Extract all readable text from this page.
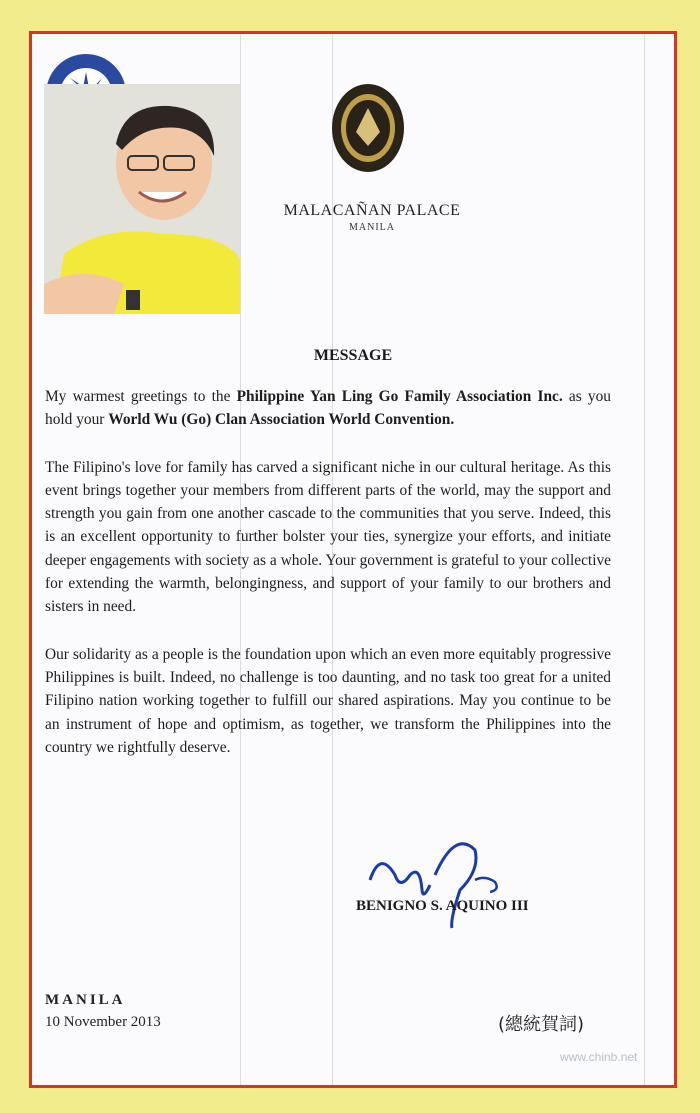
MALACAÑAN PALACE
MANILA
MESSAGE

My warmest greetings to the Philippine Yan Ling Go Family Association Inc. as you hold your World Wu (Go) Clan Association World Convention.

The Filipino's love for family has carved a significant niche in our cultural heritage. As this event brings together your members from different parts of the world, may the support and strength you gain from one another cascade to the communities that you serve. Indeed, this is an excellent opportunity to further bolster your ties, synergize your efforts, and initiate deeper engagements with society as a whole. Your government is grateful to your collective for extending the warmth, belongingness, and support of your family to our brothers and sisters in need.

Our solidarity as a people is the foundation upon which an even more equitably progressive Philippines is built. Indeed, no challenge is too daunting, and no task too great for a united Filipino nation working together to fulfill our shared aspirations. May you continue to be an instrument of hope and optimism, as together, we transform the Philippines into the country we rightfully deserve.

BENIGNO S. AQUINO III
MANILA
10 November 2013	(總統賀詞)
www.chinb.net
